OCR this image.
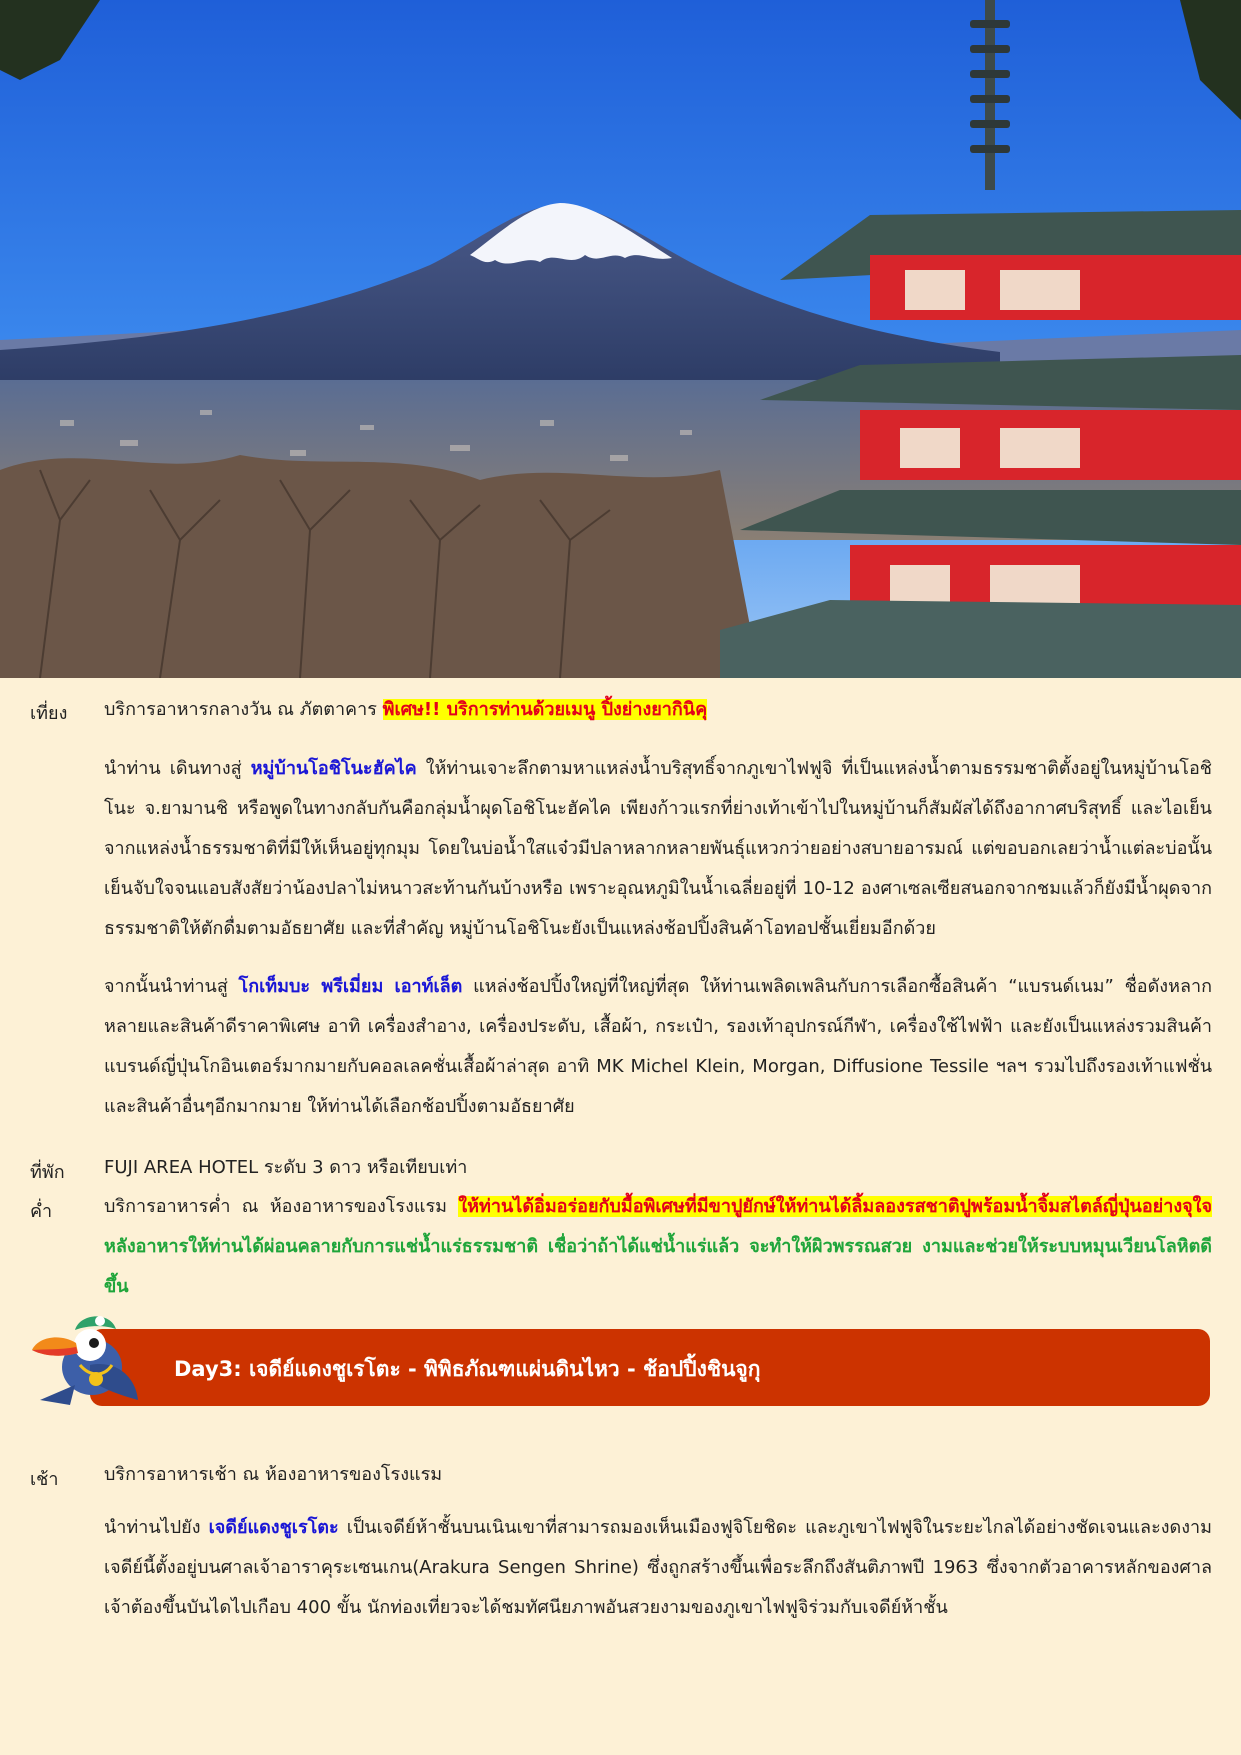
เที่ยง บริการอาหารกลางวัน ณ ภัตตาคาร พิเศษ!! บริการท่านด้วยเมนู ปิ้งย่างยากินิคุ
นำท่าน เดินทางสู่ หมู่บ้านโอชิโนะฮัคไค ให้ท่านเจาะลึกตามหาแหล่งน้ำบริสุทธิ์จากภูเขาไฟฟูจิ ที่เป็นแหล่งน้ำตามธรรมชาติตั้งอยู่ในหมู่บ้านโอชิโนะ จ.ยามานชิ หรือพูดในทางกลับกันคือกลุ่มน้ำผุดโอชิโนะฮัคไค เพียงก้าวแรกที่ย่างเท้าเข้าไปในหมู่บ้านก็สัมผัสได้ถึงอากาศบริสุทธิ์ และไอเย็นจากแหล่งน้ำธรรมชาติที่มีให้เห็นอยู่ทุกมุม โดยในบ่อน้ำใสแจ๋วมีปลาหลากหลายพันธุ์แหวกว่ายอย่างสบายอารมณ์ แต่ขอบอกเลยว่าน้ำแต่ละบ่อนั้นเย็นจับใจจนแอบสังสัยว่าน้องปลาไม่หนาวสะท้านกันบ้างหรือ เพราะอุณหภูมิในน้ำเฉลี่ยอยู่ที่ 10-12 องศาเซลเซียสนอกจากชมแล้วก็ยังมีน้ำผุดจากธรรมชาติให้ตักดื่มตามอัธยาศัย และที่สำคัญ หมู่บ้านโอชิโนะยังเป็นแหล่งช้อปปิ้งสินค้าโอทอปชั้นเยี่ยมอีกด้วย
จากนั้นนำท่านสู่ โกเท็มบะ พรีเมี่ยม เอาท์เล็ต แหล่งช้อปปิ้งใหญ่ที่ใหญ่ที่สุด ให้ท่านเพลิดเพลินกับการเลือกซื้อสินค้า “แบรนด์เนม” ชื่อดังหลากหลายและสินค้าดีราคาพิเศษ อาทิ เครื่องสำอาง, เครื่องประดับ, เสื้อผ้า, กระเป๋า, รองเท้าอุปกรณ์กีฬา, เครื่องใช้ไฟฟ้า และยังเป็นแหล่งรวมสินค้าแบรนด์ญี่ปุ่นโกอินเตอร์มากมายกับคอลเลคชั่นเสื้อผ้าล่าสุด อาทิ MK Michel Klein, Morgan, Diffusione Tessile ฯลฯ รวมไปถึงรองเท้าแฟชั่น และสินค้าอื่นๆอีกมากมาย ให้ท่านได้เลือกช้อปปิ้งตามอัธยาศัย
ที่พัก FUJI AREA HOTEL ระดับ 3 ดาว หรือเทียบเท่า
ค่ำ	บริการอาหารค่ำ ณ ห้องอาหารของโรงแรม ให้ท่านได้อิ่มอร่อยกับมื้อพิเศษที่มีขาปูยักษ์ให้ท่านได้ลิ้มลองรสชาติปูพร้อมน้ำจิ้มสไตล์ญี่ปุ่นอย่างจุใจ หลังอาหารให้ท่านได้ผ่อนคลายกับการแช่น้ำแร่ธรรมชาติ เชื่อว่าถ้าได้แช่น้ำแร่แล้ว จะทำให้ผิวพรรณสวย งามและช่วยให้ระบบหมุนเวียนโลหิตดีขึ้น
Day3: เจดีย์แดงชูเรโตะ - พิพิธภัณฑแผ่นดินไหว - ช้อปปิ้งชินจูกุ
เช้า	บริการอาหารเช้า ณ ห้องอาหารของโรงแรม
นำท่านไปยัง เจดีย์แดงชูเรโตะ เป็นเจดีย์ห้าชั้นบนเนินเขาที่สามารถมองเห็นเมืองฟูจิโยชิดะ และภูเขาไฟฟูจิในระยะไกลได้อย่างชัดเจนและงดงาม เจดีย์นี้ตั้งอยู่บนศาลเจ้าอาราคุระเซนเกน(Arakura Sengen Shrine) ซึ่งถูกสร้างขึ้นเพื่อระลึกถึงสันติภาพปี 1963 ซึ่งจากตัวอาคารหลักของศาลเจ้าต้องขึ้นบันไดไปเกือบ 400 ขั้น นักท่องเที่ยวจะได้ชมทัศนียภาพอันสวยงามของภูเขาไฟฟูจิร่วมกับเจดีย์ห้าชั้น
